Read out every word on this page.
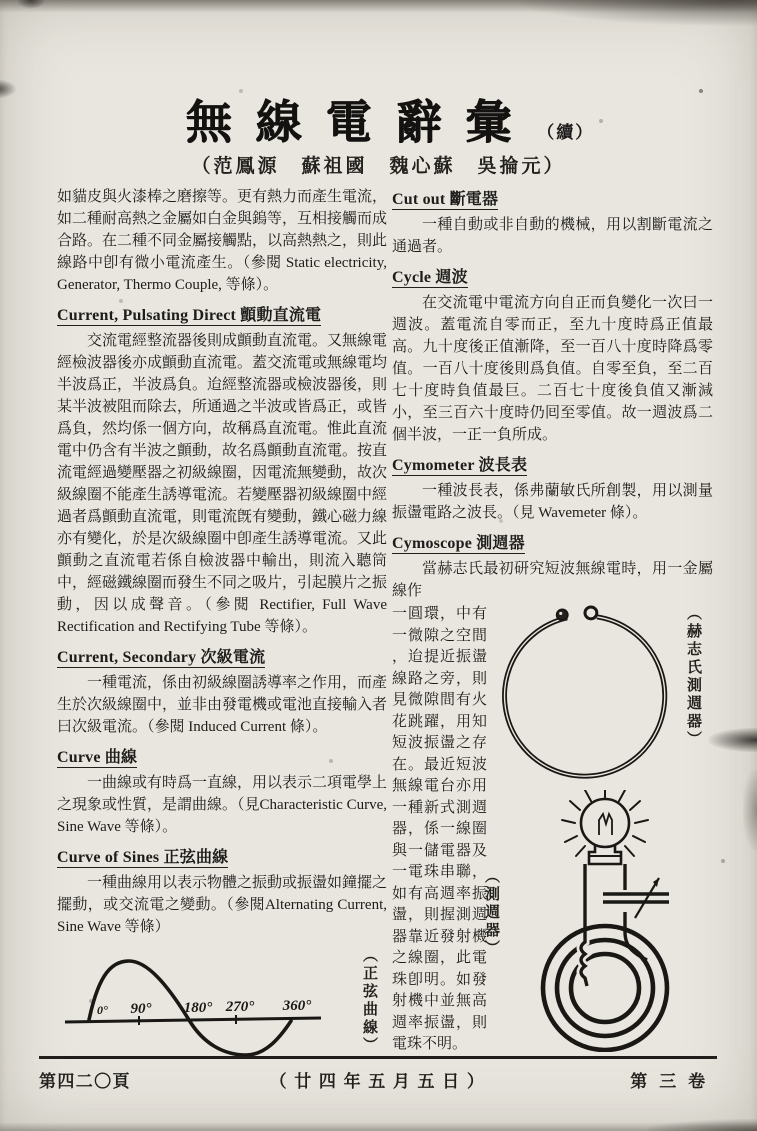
無線電辭彙 （續）
（范鳳源　蘇祖國　魏心蘇　吳掄元）

如貓皮與火漆棒之磨擦等。更有熱力而產生電流，如二種耐高熱之金屬如白金與鎢等，互相接觸而成合路。在二種不同金屬接觸點，以高熱熱之，則此線路中卽有微小電流產生。（參閱 Static electricity, Generator, Thermo Couple, 等條）。

Current, Pulsating Direct 顫動直流電

交流電經整流器後則成顫動直流電。又無線電經檢波器後亦成顫動直流電。蓋交流電或無線電均半波爲正，半波爲負。迨經整流器或檢波器後，則某半波被阻而除去，所通過之半波或皆爲正，或皆爲負，然均係一個方向，故稱爲直流電。惟此直流電中仍含有半波之顫動，故名爲顫動直流電。按直流電經過變壓器之初級線圈，因電流無變動，故次級線圈不能產生誘導電流。若變壓器初級線圈中經過者爲顫動直流電，則電流旣有變動，鐵心磁力線亦有變化，於是次級線圈中卽產生誘導電流。又此顫動之直流電若係自檢波器中輸出，則流入聽筒中，經磁鐵線圈而發生不同之吸片，引起膜片之振動，因以成聲音。（參閱 Rectifier, Full Wave Rectification and Rectifying Tube 等條）。

Current, Secondary 次級電流

一種電流，係由初級線圈誘導率之作用，而產生於次級線圈中，並非由發電機或電池直接輸入者曰次級電流。（參閱 Induced Current 條）。

Curve 曲線

一曲線或有時爲一直線，用以表示二項電學上之現象或性質，是謂曲線。（見Characteristic Curve, Sine Wave 等條）。

Curve of Sines 正弦曲線

一種曲線用以表示物體之振動或振盪如鐘擺之擺動，或交流電之變動。（參閱Alternating Current, Sine Wave 等條）

0° 90° 180° 270° 360°	（正弦曲線）
Cut out 斷電器

一種自動或非自動的機械，用以割斷電流之通過者。

Cycle 週波

在交流電中電流方向自正而負變化一次曰一週波。蓋電流自零而正，至九十度時爲正值最高。九十度後正值漸降，至一百八十度時降爲零值。一百八十度後則爲負值。自零至負，至二百七十度時負值最巨。二百七十度後負值又漸減小，至三百六十度時仍囘至零值。故一週波爲二個半波，一正一負所成。

Cymometer 波長表

一種波長表，係弗蘭敏氏所創製，用以測量振盪電路之波長。（見 Wavemeter 條）。

Cymoscope 測週器

當赫志氏最初研究短波無線電時，用一金屬線作

一圓環，中有一微隙之空間，迨提近振盪線路之旁，則見微隙間有火花跳躍，用知短波振盪之存在。最近短波無線電台亦用一種新式測週器，係一線圈與一儲電器及一電珠串聯，如有高週率振盪，則握測週器靠近發射機之線圈，此電珠卽明。如發射機中並無高週率振盪，則電珠不明。
（赫志氏測週器）
（測週器）
第四二〇頁	（廿四年五月五日）	第三卷
